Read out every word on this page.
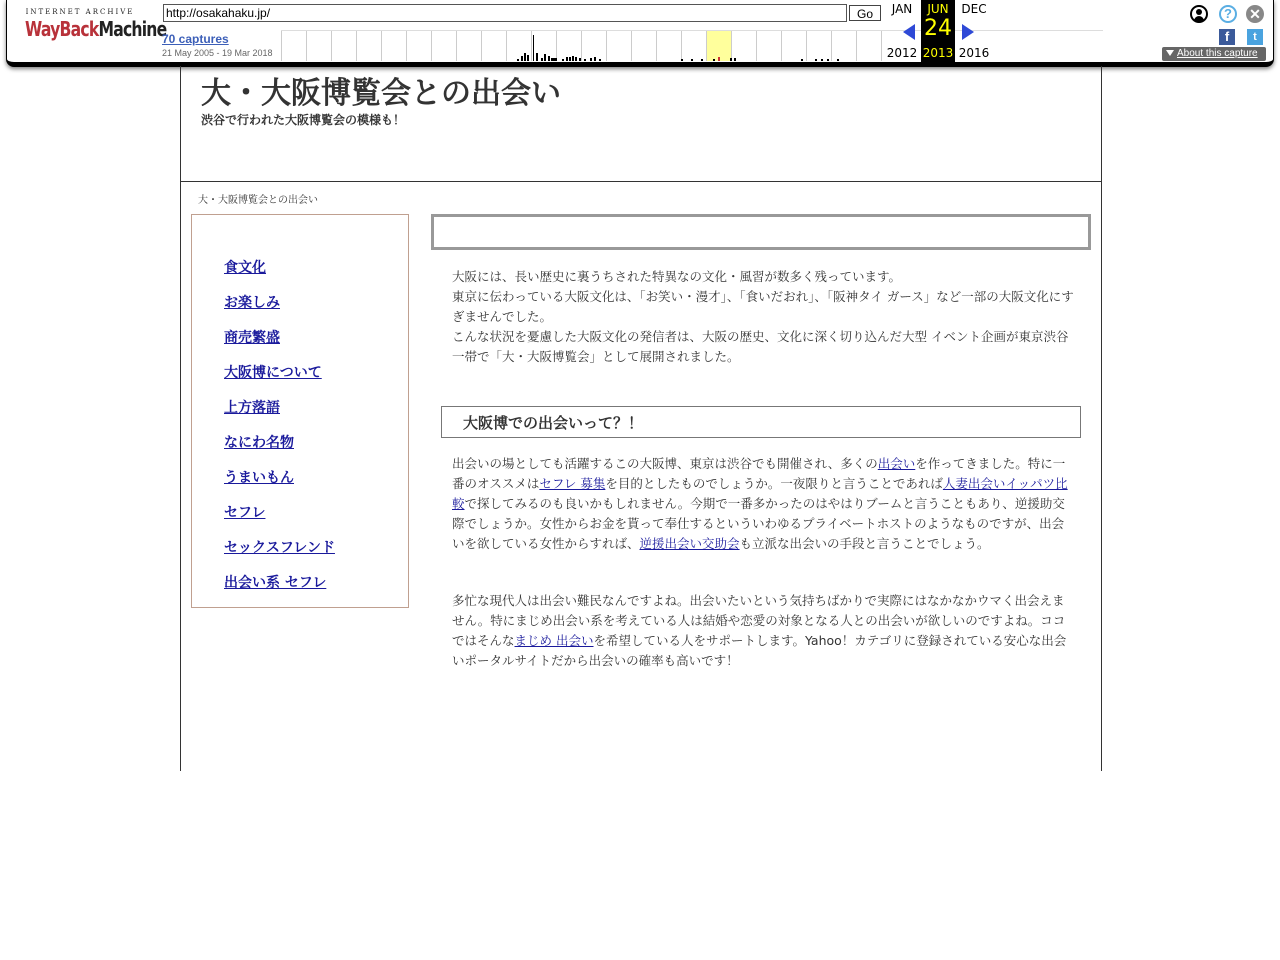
INTERNET ARCHIVE
WayBackMachine
http://osakahaku.jp/	Go
70 captures
21 May 2005 - 19 Mar 2018
JAN
2012
JUN
24
2013
DEC
2016
?	✕
f	t
About this capture
大・大阪博覧会との出会い
渋谷で行われた大阪博覧会の模様も！
大・大阪博覧会との出会い
食文化
お楽しみ
商売繁盛
大阪博について
上方落語
なにわ名物
うまいもん
セフレ
セックスフレンド
出会い系 セフレ
大阪には、長い歴史に裏うちされた特異なの文化・風習が数多く残っています。
東京に伝わっている大阪文化は、「お笑い・漫才」、「食いだおれ」、「阪神タイ ガース」など一部の大阪文化にすぎませんでした。
こんな状況を憂慮した大阪文化の発信者は、大阪の歴史、文化に深く切り込んだ大型 イベント企画が東京渋谷一帯で「大・大阪博覧会」として展開されました。
大阪博での出会いって？！
出会いの場としても活躍するこの大阪博、東京は渋谷でも開催され、多くの出会いを作ってきました。特に一番のオススメはセフレ 募集を目的としたものでしょうか。一夜限りと言うことであれば人妻出会いイッパツ比較で探してみるのも良いかもしれません。今期で一番多かったのはやはりブームと言うこともあり、逆援助交際でしょうか。女性からお金を貰って奉仕するといういわゆるプライベートホストのようなものですが、出会いを欲している女性からすれば、逆援出会い交助会も立派な出会いの手段と言うことでしょう。
多忙な現代人は出会い難民なんですよね。出会いたいという気持ちばかりで実際にはなかなかウマく出会えません。特にまじめ出会い系を考えている人は結婚や恋愛の対象となる人との出会いが欲しいのですよね。ココではそんなまじめ 出会いを希望している人をサポートします。Yahoo！カテゴリに登録されている安心な出会いポータルサイトだから出会いの確率も高いです！
